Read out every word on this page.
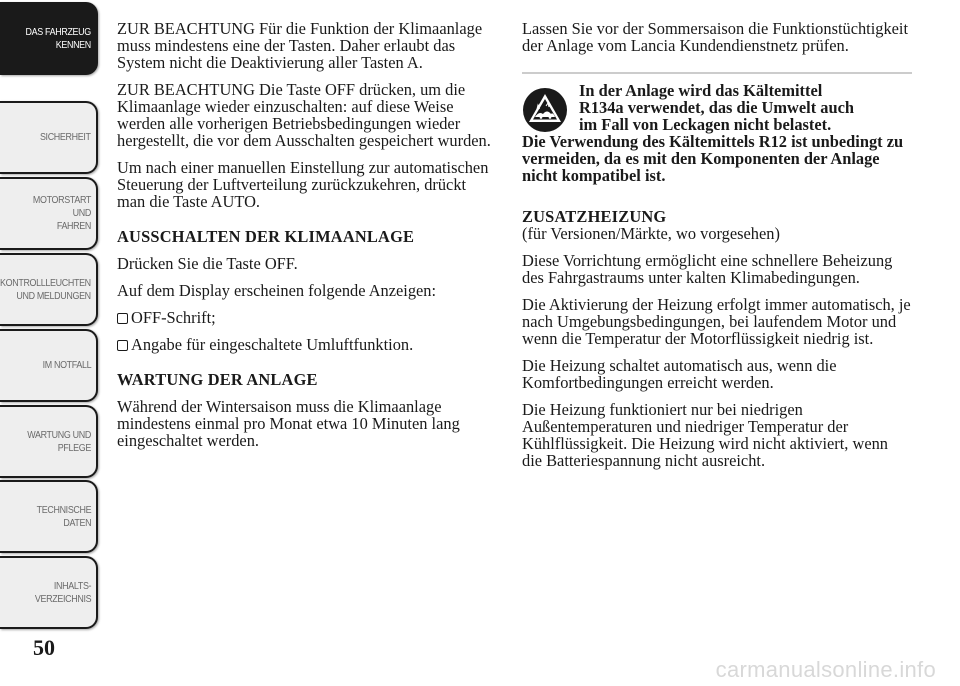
DAS FAHRZEUG
KENNEN
SICHERHEIT
MOTORSTART UND
FAHREN
KONTROLLLEUCHTEN
UND MELDUNGEN
IM NOTFALL
WARTUNG UND
PFLEGE
TECHNISCHE
DATEN
INHALTS-
VERZEICHNIS
50

ZUR BEACHTUNG Für die Funktion der Klimaanlage muss mindestens eine der Tasten. Daher erlaubt das System nicht die Deaktivierung aller Tasten A.

ZUR BEACHTUNG Die Taste OFF drücken, um die Klimaanlage wieder einzuschalten: auf diese Weise werden alle vorherigen Betriebsbedingungen wieder hergestellt, die vor dem Ausschalten gespeichert wurden.

Um nach einer manuellen Einstellung zur automatischen Steuerung der Luftverteilung zurückzukehren, drückt man die Taste AUTO.

AUSSCHALTEN DER KLIMAANLAGE

Drücken Sie die Taste OFF.

Auf dem Display erscheinen folgende Anzeigen:

OFF-Schrift;
Angabe für eingeschaltete Umluftfunktion.
WARTUNG DER ANLAGE

Während der Wintersaison muss die Klimaanlage mindestens einmal pro Monat etwa 10 Minuten lang eingeschaltet werden.

Lassen Sie vor der Sommersaison die Funktionstüchtigkeit der Anlage vom Lancia Kundendienstnetz prüfen.

In der Anlage wird das Kältemittel
R134a verwendet, das die Umwelt auch
im Fall von Leckagen nicht belastet.
Die Verwendung des Kältemittels R12 ist unbedingt zu vermeiden, da es mit den Komponenten der Anlage nicht kompatibel ist.
ZUSATZHEIZUNG

(für Versionen/Märkte, wo vorgesehen)

Diese Vorrichtung ermöglicht eine schnellere Beheizung des Fahrgastraums unter kalten Klimabedingungen.

Die Aktivierung der Heizung erfolgt immer automatisch, je nach Umgebungsbedingungen, bei laufendem Motor und wenn die Temperatur der Motorflüssigkeit niedrig ist.

Die Heizung schaltet automatisch aus, wenn die Komfortbedingungen erreicht werden.

Die Heizung funktioniert nur bei niedrigen Außentemperaturen und niedriger Temperatur der Kühlflüssigkeit. Die Heizung wird nicht aktiviert, wenn die Batteriespannung nicht ausreicht.

carmanualsonline.info
